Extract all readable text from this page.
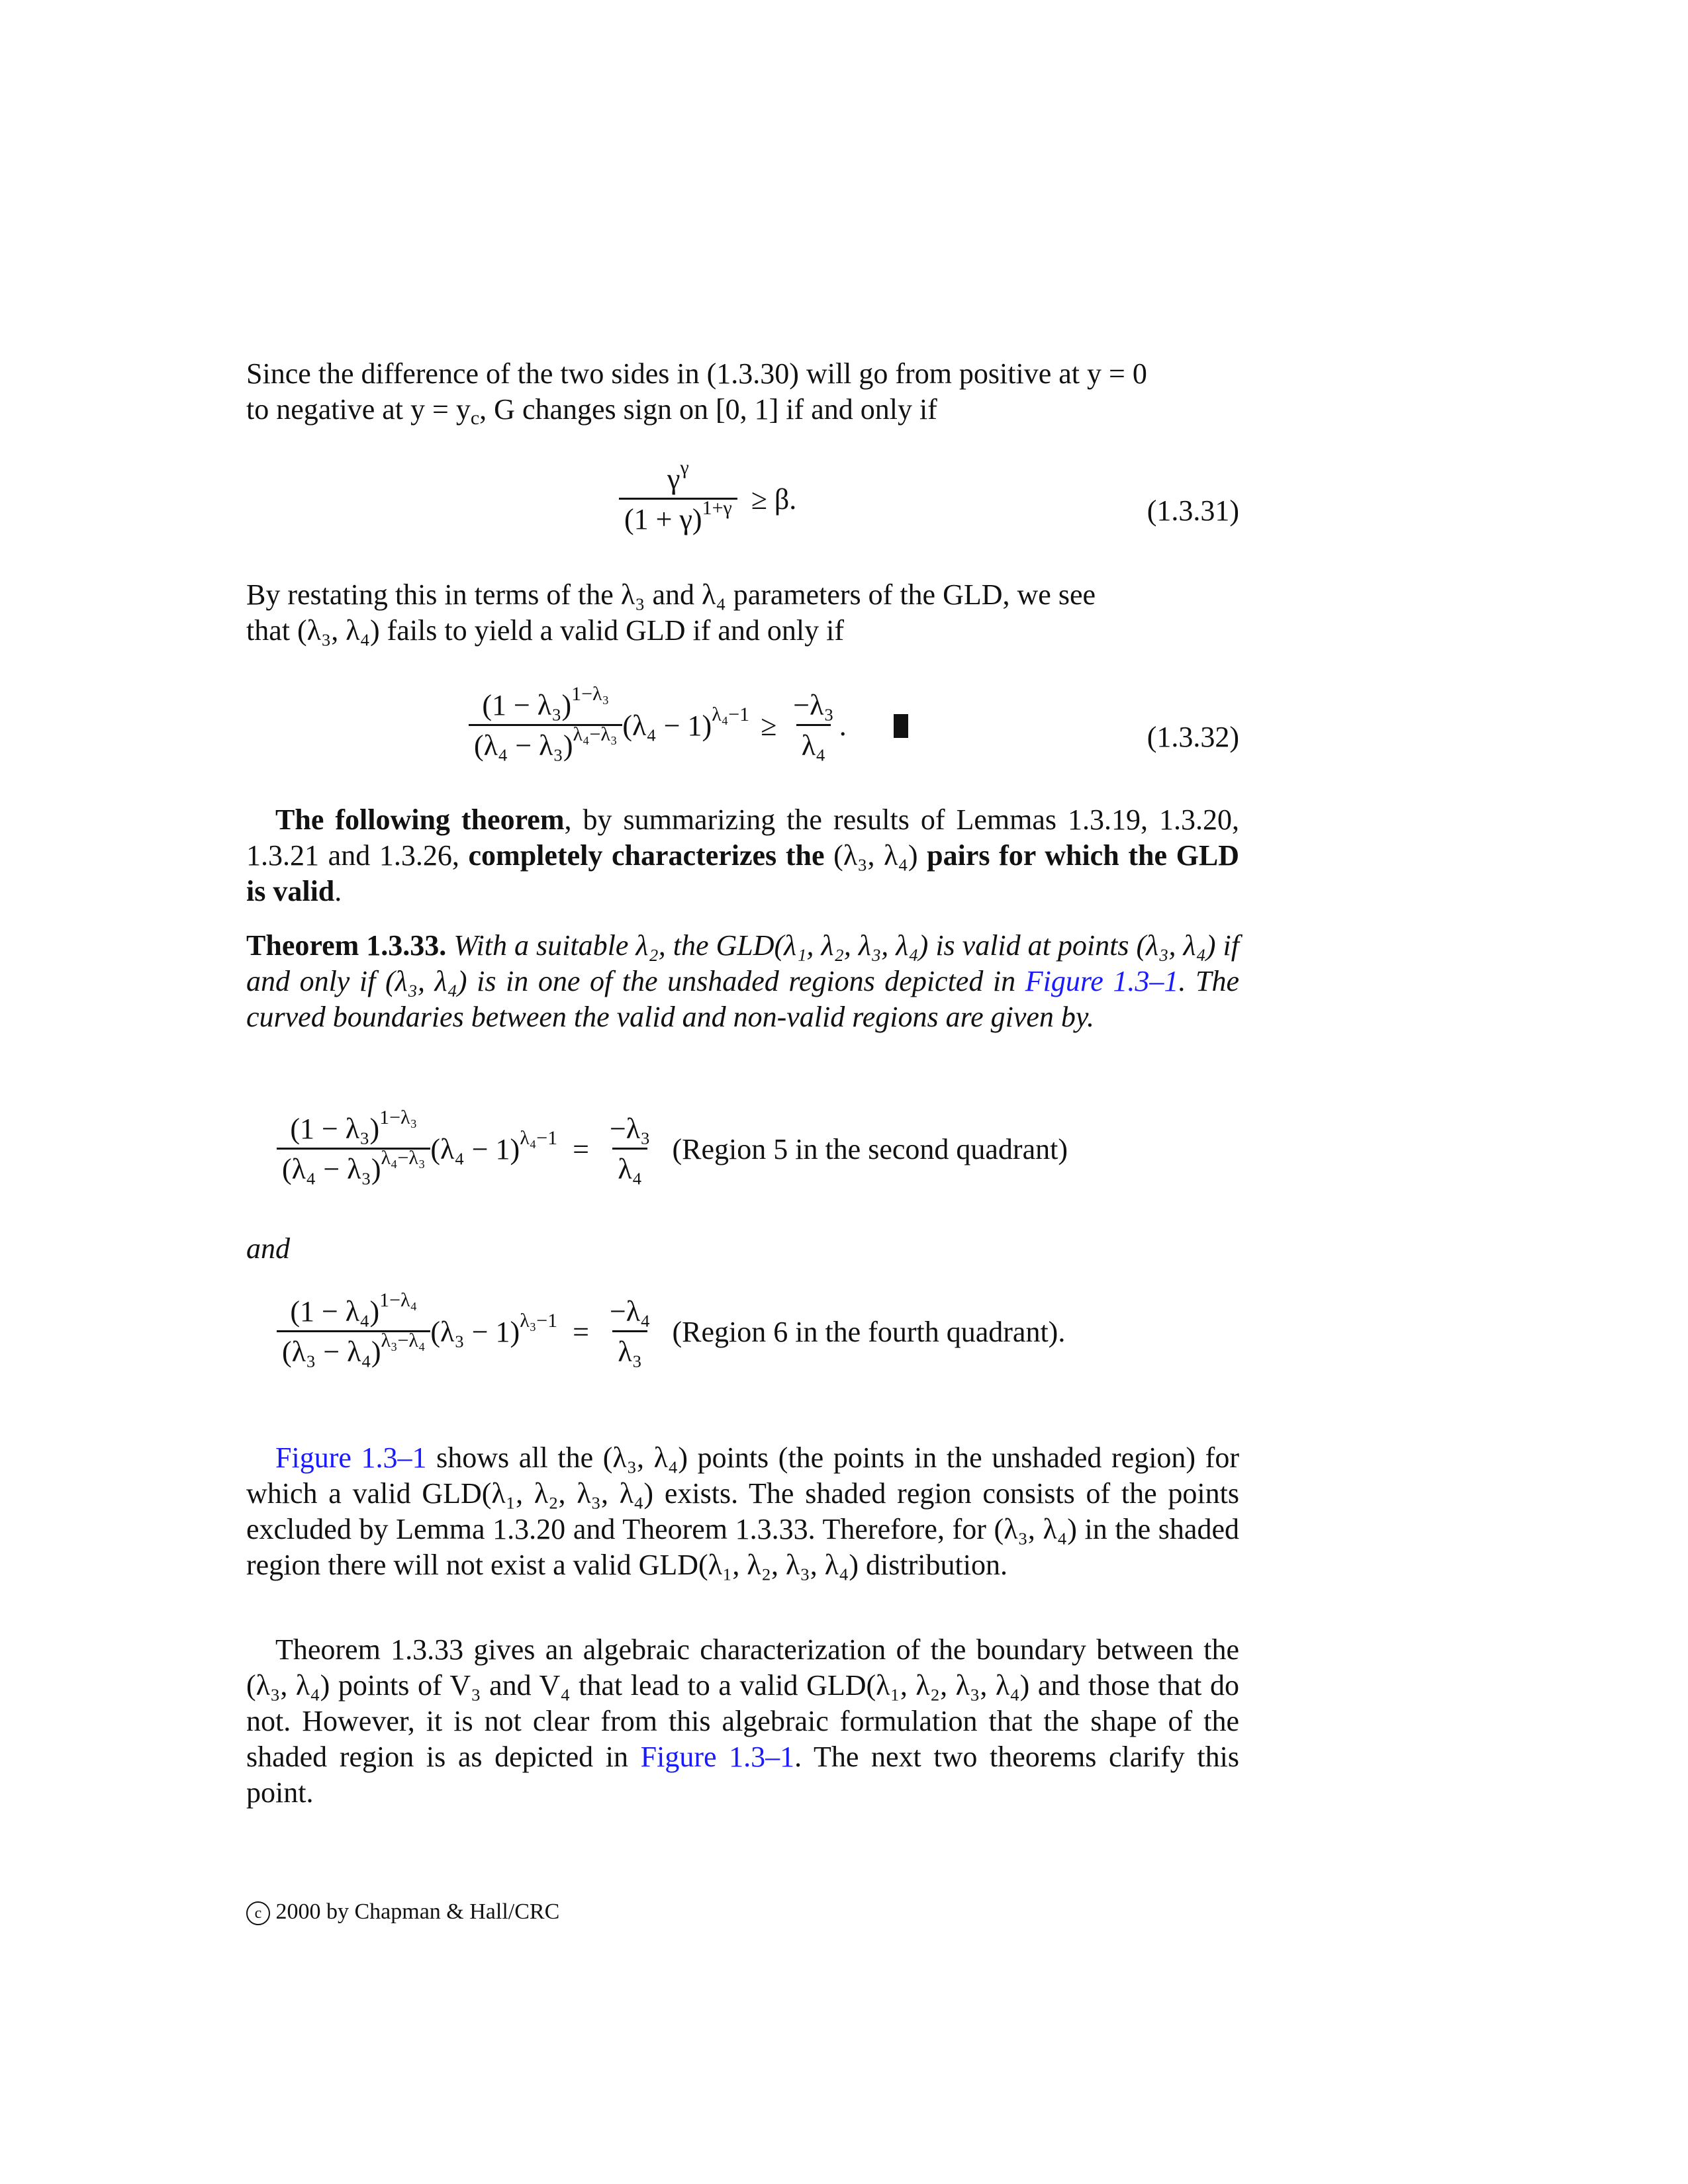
Since the difference of the two sides in (1.3.30) will go from positive at y = 0
to negative at $y = y_c$, G changes sign on [0, 1] if and only if
$\frac{\gamma^\gamma}{(1 + \gamma)^{1+\gamma}} \ge \beta$.	(1.3.31)
By restating this in terms of the λ₃ and λ₄ parameters of the GLD, we see
that (λ₃, λ₄) fails to yield a valid GLD if and only if
$\frac{(1 - \lambda_3)^{1-\lambda_3}}{(\lambda_4 - \lambda_3)^{\lambda_4-\lambda_3}} (\lambda_4 - 1)^{\lambda_4-1} \ge \frac{\text{−λ₃}}{\text{λ₄}}$ .	(1.3.32)
The following theorem, by summarizing the results of Lemmas 1.3.19, 1.3.20, 1.3.21 and 1.3.26, completely characterizes the (λ₃, λ₄) pairs for which the GLD is valid.
Theorem 1.3.33. With a suitable λ₂, the GLD(λ₁, λ₂, λ₃, λ₄) is valid at points (λ₃, λ₄) if and only if (λ₃, λ₄) is in one of the unshaded regions depicted in Figure 1.3–1. The curved boundaries between the valid and non-valid regions are given by.
$\frac{(1 - \lambda_3)^{1-\lambda_3}}{(\lambda_4 - \lambda_3)^{\lambda_4-\lambda_3}} (\lambda_4 - 1)^{\lambda_4-1} = \frac{\text{−λ₃}}{\text{λ₄}}$ (Region 5 in the second quadrant)
and
$\frac{(1 - \lambda_4)^{1-\lambda_4}}{(\lambda_3 - \lambda_4)^{\lambda_3-\lambda_4}} (\lambda_3 - 1)^{\lambda_3-1} = \frac{\text{−λ₄}}{\text{λ₃}}$ (Region 6 in the fourth quadrant).
Figure 1.3–1 shows all the (λ₃, λ₄) points (the points in the unshaded region) for which a valid GLD(λ₁, λ₂, λ₃, λ₄) exists. The shaded region consists of the points excluded by Lemma 1.3.20 and Theorem 1.3.33. Therefore, for (λ₃, λ₄) in the shaded region there will not exist a valid GLD(λ₁, λ₂, λ₃, λ₄) distribution.
Theorem 1.3.33 gives an algebraic characterization of the boundary between the (λ₃, λ₄) points of V₃ and V₄ that lead to a valid GLD(λ₁, λ₂, λ₃, λ₄) and those that do not. However, it is not clear from this algebraic formulation that the shape of the shaded region is as depicted in Figure 1.3–1. The next two theorems clarify this point.
c 2000 by Chapman & Hall/CRC
